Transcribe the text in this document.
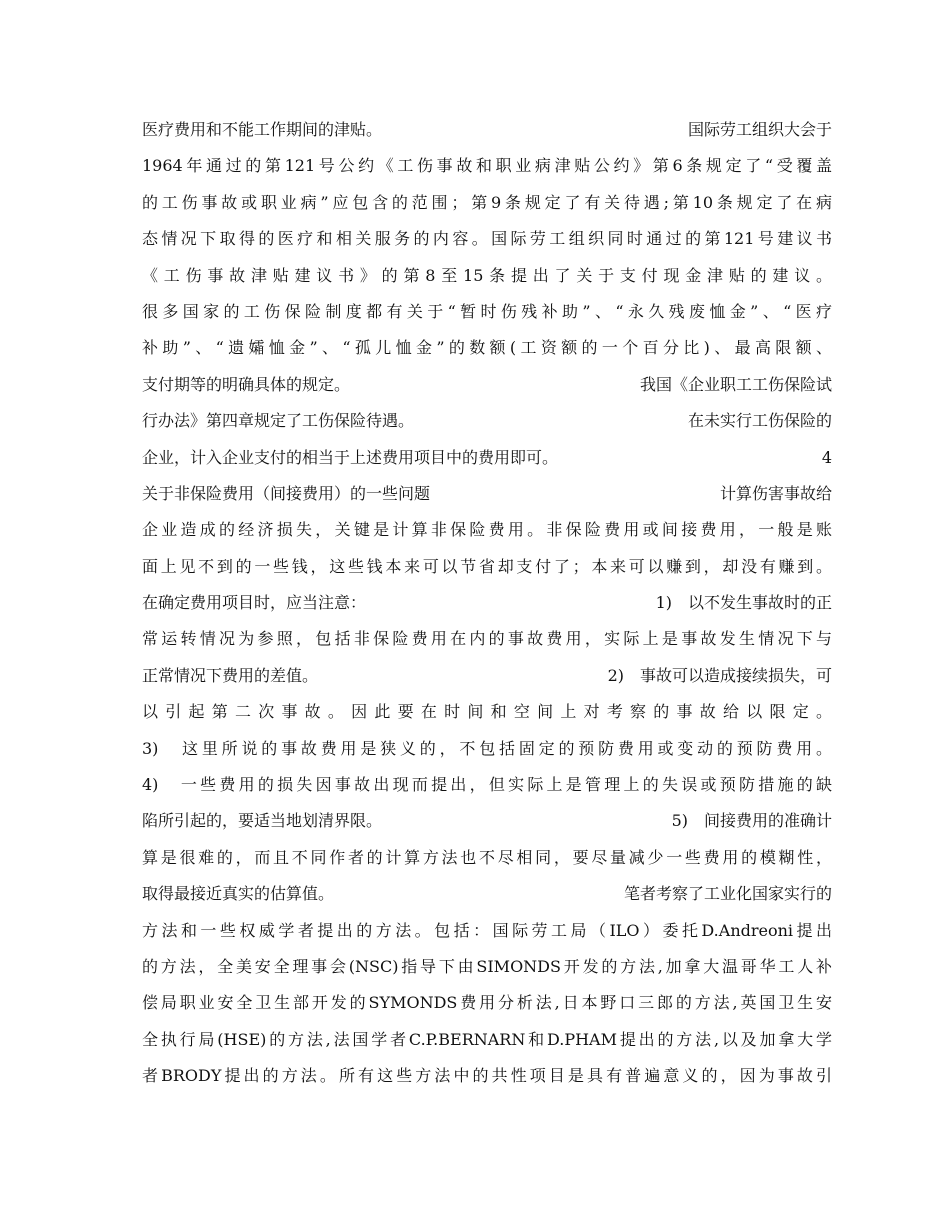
医疗费用和不能工作期间的津贴。	国际劳工组织大会于
1964年通过的第121号公约《工伤事故和职业病津贴公约》第6条规定了“受覆盖
的工伤事故或职业病”应包含的范围；第9条规定了有关待遇;第10条规定了在病
态情况下取得的医疗和相关服务的内容。国际劳工组织同时通过的第121号建议书
《工伤事故津贴建议书》的第8至15条提出了关于支付现金津贴的建议。
很多国家的工伤保险制度都有关于“暂时伤残补助”、“永久残废恤金”、“医疗
补助”、“遗孀恤金”、“孤儿恤金”的数额(工资额的一个百分比)、最高限额、
支付期等的明确具体的规定。	我国《企业职工工伤保险试
行办法》第四章规定了工伤保险待遇。	在未实行工伤保险的
企业，计入企业支付的相当于上述费用项目中的费用即可。	4
关于非保险费用（间接费用）的一些问题	计算伤害事故给
企业造成的经济损失，关键是计算非保险费用。非保险费用或间接费用，一般是账
面上见不到的一些钱，这些钱本来可以节省却支付了；本来可以赚到，却没有赚到。
在确定费用项目时，应当注意：	1)　以不发生事故时的正
常运转情况为参照，包括非保险费用在内的事故费用，实际上是事故发生情况下与
正常情况下费用的差值。	2)　事故可以造成接续损失，可
以引起第二次事故。因此要在时间和空间上对考察的事故给以限定。
3)　这里所说的事故费用是狭义的，不包括固定的预防费用或变动的预防费用。
4)　一些费用的损失因事故出现而提出，但实际上是管理上的失误或预防措施的缺
陷所引起的，要适当地划清界限。	5)　间接费用的准确计
算是很难的，而且不同作者的计算方法也不尽相同，要尽量减少一些费用的模糊性，
取得最接近真实的估算值。	笔者考察了工业化国家实行的
方法和一些权威学者提出的方法。包括：国际劳工局（ILO）委托D.Andreoni提出
的方法，全美安全理事会(NSC)指导下由SIMONDS开发的方法,加拿大温哥华工人补
偿局职业安全卫生部开发的SYMONDS费用分析法,日本野口三郎的方法,英国卫生安
全执行局(HSE)的方法,法国学者C.P.BERNARN和D.PHAM提出的方法,以及加拿大学
者BRODY提出的方法。所有这些方法中的共性项目是具有普遍意义的，因为事故引
